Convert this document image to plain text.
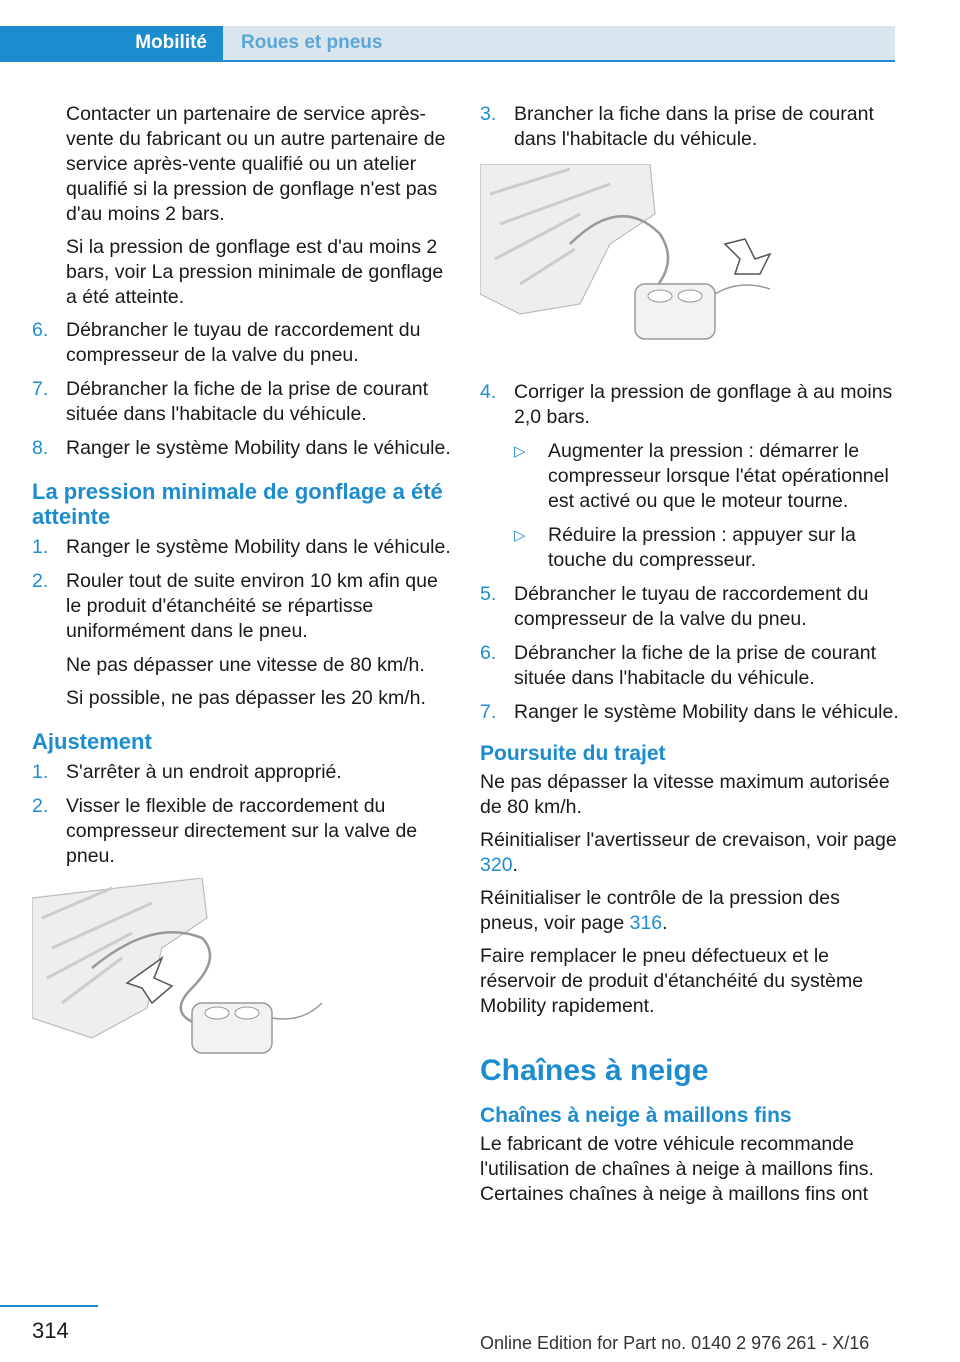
Mobilité Roues et pneus

Contacter un partenaire de service après-vente du fabricant ou un autre partenaire de service après-vente qualifié ou un atelier qualifié si la pression de gonflage n'est pas d'au moins 2 bars.

Si la pression de gonflage est d'au moins 2 bars, voir La pression minimale de gonflage a été atteinte.

6. Débrancher le tuyau de raccordement du compresseur de la valve du pneu.
7. Débrancher la fiche de la prise de courant située dans l'habitacle du véhicule.
8. Ranger le système Mobility dans le véhicule.
La pression minimale de gonflage a été atteinte
1. Ranger le système Mobility dans le véhicule.
2. Rouler tout de suite environ 10 km afin que le produit d'étanchéité se répartisse uniformément dans le pneu.

Ne pas dépasser une vitesse de 80 km/h.

Si possible, ne pas dépasser les 20 km/h.

Ajustement
1. S'arrêter à un endroit approprié.
2. Visser le flexible de raccordement du compresseur directement sur la valve de pneu.
3. Brancher la fiche dans la prise de courant dans l'habitacle du véhicule.
4. Corriger la pression de gonflage à au moins 2,0 bars.
▷ Augmenter la pression : démarrer le compresseur lorsque l'état opérationnel est activé ou que le moteur tourne.
▷ Réduire la pression : appuyer sur la touche du compresseur.
5. Débrancher le tuyau de raccordement du compresseur de la valve du pneu.
6. Débrancher la fiche de la prise de courant située dans l'habitacle du véhicule.
7. Ranger le système Mobility dans le véhicule.
Poursuite du trajet

Ne pas dépasser la vitesse maximum autorisée de 80 km/h.

Réinitialiser l'avertisseur de crevaison, voir page 320.

Réinitialiser le contrôle de la pression des pneus, voir page 316.

Faire remplacer le pneu défectueux et le réservoir de produit d'étanchéité du système Mobility rapidement.

Chaînes à neige
Chaînes à neige à maillons fins

Le fabricant de votre véhicule recommande l'utilisation de chaînes à neige à maillons fins. Certaines chaînes à neige à maillons fins ont

314	Online Edition for Part no. 0140 2 976 261 - X/16
